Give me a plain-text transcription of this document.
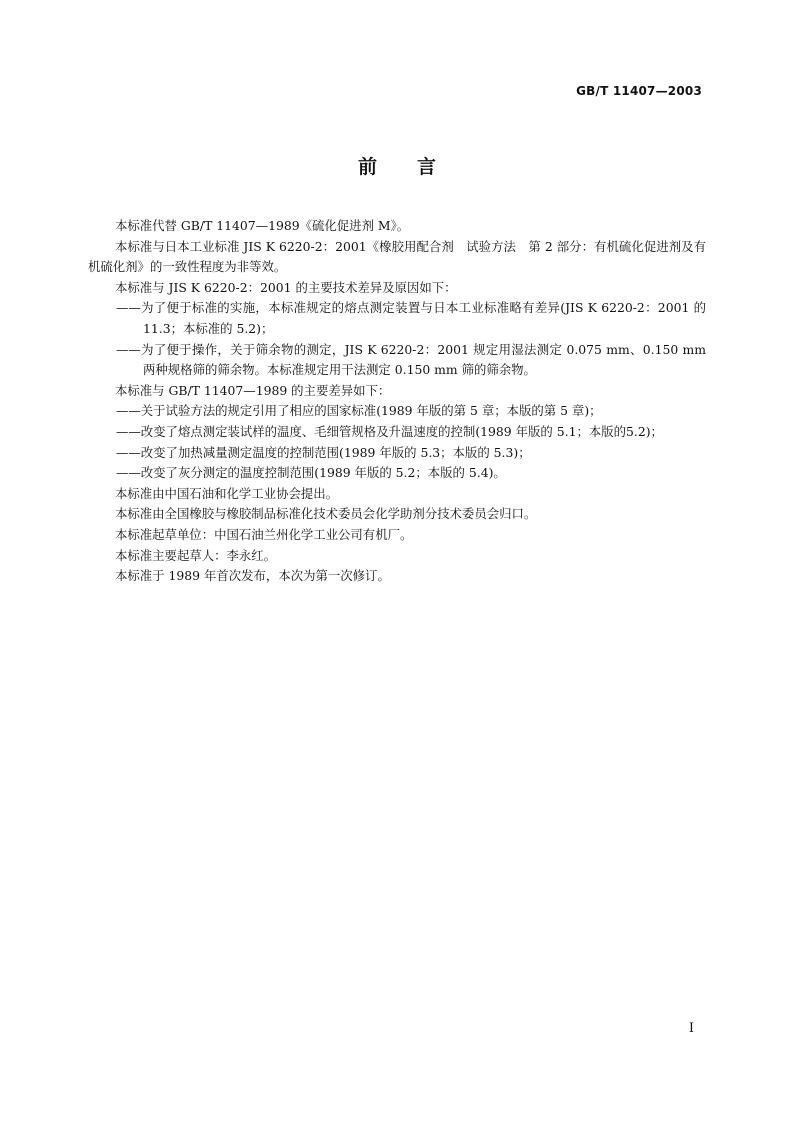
GB/T 11407—2003
前 言

本标准代替 GB/T 11407—1989《硫化促进剂 M》。

本标准与日本工业标准 JIS K 6220-2：2001《橡胶用配合剂　试验方法　第 2 部分：有机硫化促进剂及有机硫化剂》的一致性程度为非等效。

本标准与 JIS K 6220-2：2001 的主要技术差异及原因如下：

——为了便于标准的实施，本标准规定的熔点测定装置与日本工业标准略有差异(JIS K 6220-2：2001 的 11.3；本标准的 5.2)；

——为了便于操作，关于筛余物的测定，JIS K 6220-2：2001 规定用湿法测定 0.075 mm、0.150 mm 两种规格筛的筛余物。本标准规定用干法测定 0.150 mm 筛的筛余物。

本标准与 GB/T 11407—1989 的主要差异如下：

——关于试验方法的规定引用了相应的国家标准(1989 年版的第 5 章；本版的第 5 章)；

——改变了熔点测定装试样的温度、毛细管规格及升温速度的控制(1989 年版的 5.1；本版的5.2)；

——改变了加热减量测定温度的控制范围(1989 年版的 5.3；本版的 5.3)；

——改变了灰分测定的温度控制范围(1989 年版的 5.2；本版的 5.4)。

本标准由中国石油和化学工业协会提出。

本标准由全国橡胶与橡胶制品标准化技术委员会化学助剂分技术委员会归口。

本标准起草单位：中国石油兰州化学工业公司有机厂。

本标准主要起草人：李永红。

本标准于 1989 年首次发布，本次为第一次修订。

I
